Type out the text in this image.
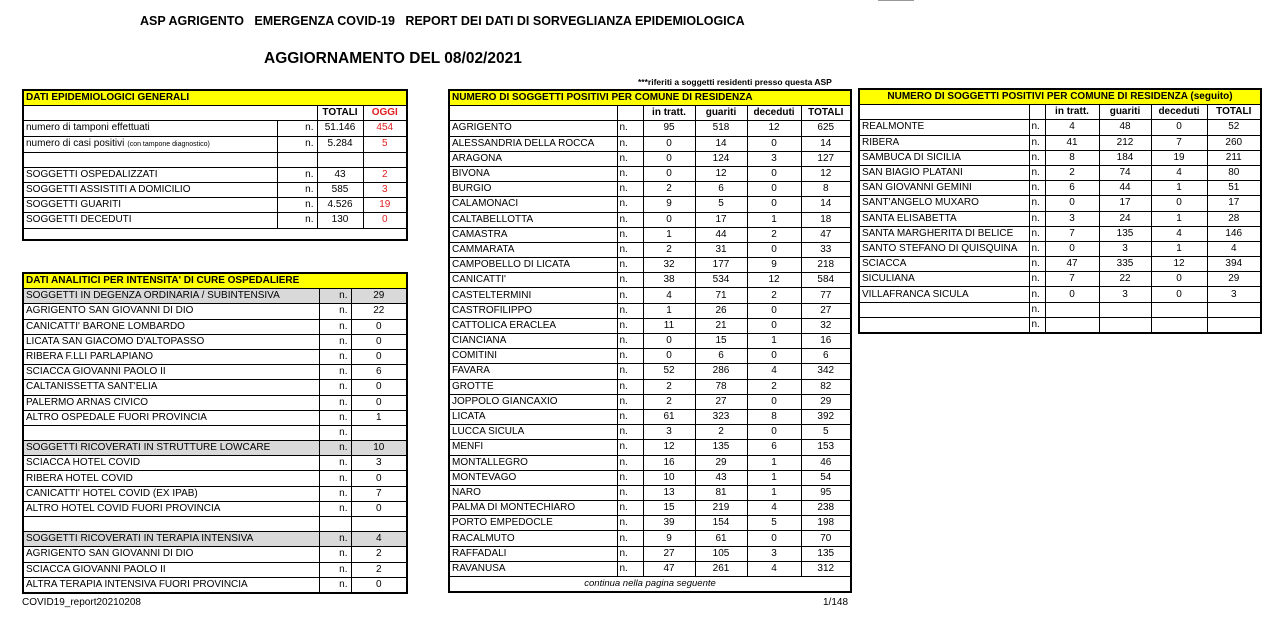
ASP AGRIGENTO   EMERGENZA COVID-19   REPORT DEI DATI DI SORVEGLIANZA EPIDEMIOLOGICA
AGGIORNAMENTO DEL 08/02/2021
***riferiti a soggetti residenti presso questa ASP
DATI EPIDEMIOLOGICI GENERALI			
		TOTALI	OGGI
numero di tamponi effettuati	n.	51.146	454
numero di casi positivi (con tampone diagnostico)	n.	5.284	5

SOGGETTI OSPEDALIZZATI	n.	43	2
SOGGETTI ASSISTITI A DOMICILIO	n.	585	3
SOGGETTI GUARITI	n.	4.526	19
SOGGETTI DECEDUTI	n.	130	0

DATI ANALITICI PER INTENSITA' DI CURE OSPEDALIERE		
SOGGETTI IN DEGENZA ORDINARIA / SUBINTENSIVA	n.	29
AGRIGENTO SAN GIOVANNI DI DIO	n.	22
CANICATTI' BARONE LOMBARDO	n.	0
LICATA SAN GIACOMO D'ALTOPASSO	n.	0
RIBERA F.LLI PARLAPIANO	n.	0
SCIACCA GIOVANNI PAOLO II	n.	6
CALTANISSETTA SANT'ELIA	n.	0
PALERMO ARNAS CIVICO	n.	0
ALTRO OSPEDALE FUORI PROVINCIA	n.	1
	n.	
SOGGETTI RICOVERATI IN STRUTTURE LOWCARE	n.	10
SCIACCA HOTEL COVID	n.	3
RIBERA HOTEL COVID	n.	0
CANICATTI' HOTEL COVID (EX IPAB)	n.	7
ALTRO HOTEL COVID FUORI PROVINCIA	n.	0

SOGGETTI RICOVERATI IN TERAPIA INTENSIVA	n.	4
AGRIGENTO SAN GIOVANNI DI DIO	n.	2
SCIACCA GIOVANNI PAOLO II	n.	2
ALTRA TERAPIA INTENSIVA FUORI PROVINCIA	n.	0
NUMERO DI SOGGETTI POSITIVI PER COMUNE DI RESIDENZA					
		in tratt.	guariti	deceduti	TOTALI
AGRIGENTO	n.	95	518	12	625
ALESSANDRIA DELLA ROCCA	n.	0	14	0	14
ARAGONA	n.	0	124	3	127
BIVONA	n.	0	12	0	12
BURGIO	n.	2	6	0	8
CALAMONACI	n.	9	5	0	14
CALTABELLOTTA	n.	0	17	1	18
CAMASTRA	n.	1	44	2	47
CAMMARATA	n.	2	31	0	33
CAMPOBELLO DI LICATA	n.	32	177	9	218
CANICATTI'	n.	38	534	12	584
CASTELTERMINI	n.	4	71	2	77
CASTROFILIPPO	n.	1	26	0	27
CATTOLICA ERACLEA	n.	11	21	0	32
CIANCIANA	n.	0	15	1	16
COMITINI	n.	0	6	0	6
FAVARA	n.	52	286	4	342
GROTTE	n.	2	78	2	82
JOPPOLO GIANCAXIO	n.	2	27	0	29
LICATA	n.	61	323	8	392
LUCCA SICULA	n.	3	2	0	5
MENFI	n.	12	135	6	153
MONTALLEGRO	n.	16	29	1	46
MONTEVAGO	n.	10	43	1	54
NARO	n.	13	81	1	95
PALMA DI MONTECHIARO	n.	15	219	4	238
PORTO EMPEDOCLE	n.	39	154	5	198
RACALMUTO	n.	9	61	0	70
RAFFADALI	n.	27	105	3	135
RAVANUSA	n.	47	261	4	312
continua nella pagina seguente					
NUMERO DI SOGGETTI POSITIVI PER COMUNE DI RESIDENZA (seguito)					
		in tratt.	guariti	deceduti	TOTALI
REALMONTE	n.	4	48	0	52
RIBERA	n.	41	212	7	260
SAMBUCA DI SICILIA	n.	8	184	19	211
SAN BIAGIO PLATANI	n.	2	74	4	80
SAN GIOVANNI GEMINI	n.	6	44	1	51
SANT'ANGELO MUXARO	n.	0	17	0	17
SANTA ELISABETTA	n.	3	24	1	28
SANTA MARGHERITA DI BELICE	n.	7	135	4	146
SANTO STEFANO DI QUISQUINA	n.	0	3	1	4
SCIACCA	n.	47	335	12	394
SICULIANA	n.	7	22	0	29
VILLAFRANCA SICULA	n.	0	3	0	3
	n.				
	n.				
COVID19_report20210208	1/148
